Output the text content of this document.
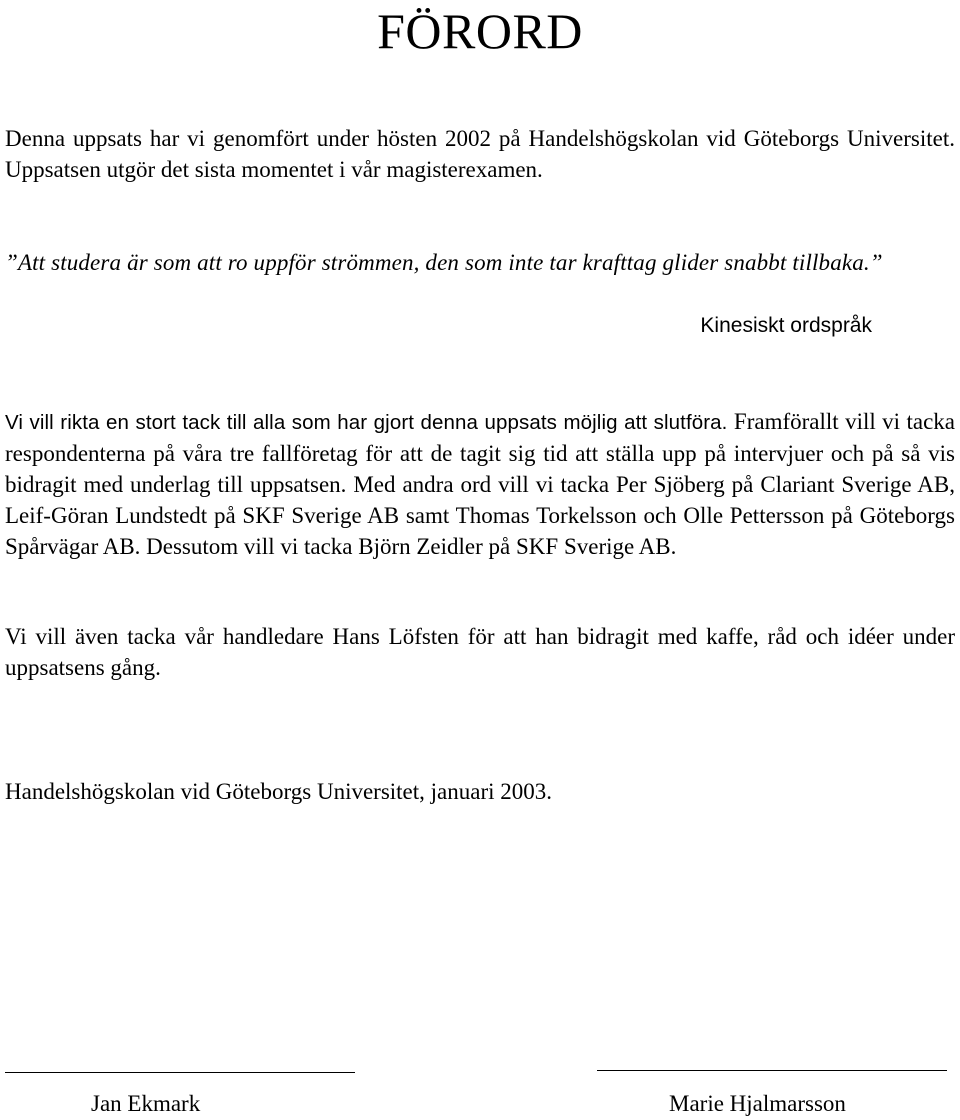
FÖRORD

Denna uppsats har vi genomfört under hösten 2002 på Handelshögskolan vid Göteborgs Universitet. Uppsatsen utgör det sista momentet i vår magisterexamen.

”Att studera är som att ro uppför strömmen, den som inte tar krafttag glider snabbt tillbaka.”

Kinesiskt ordspråk

Vi vill rikta en stort tack till alla som har gjort denna uppsats möjlig att slutföra. Framförallt vill vi tacka respondenterna på våra tre fallföretag för att de tagit sig tid att ställa upp på intervjuer och på så vis bidragit med underlag till uppsatsen. Med andra ord vill vi tacka Per Sjöberg på Clariant Sverige AB, Leif-Göran Lundstedt på SKF Sverige AB samt Thomas Torkelsson och Olle Pettersson på Göteborgs Spårvägar AB. Dessutom vill vi tacka Björn Zeidler på SKF Sverige AB.

Vi vill även tacka vår handledare Hans Löfsten för att han bidragit med kaffe, råd och idéer under uppsatsens gång.

Handelshögskolan vid Göteborgs Universitet, januari 2003.

Jan Ekmark	Marie Hjalmarsson
